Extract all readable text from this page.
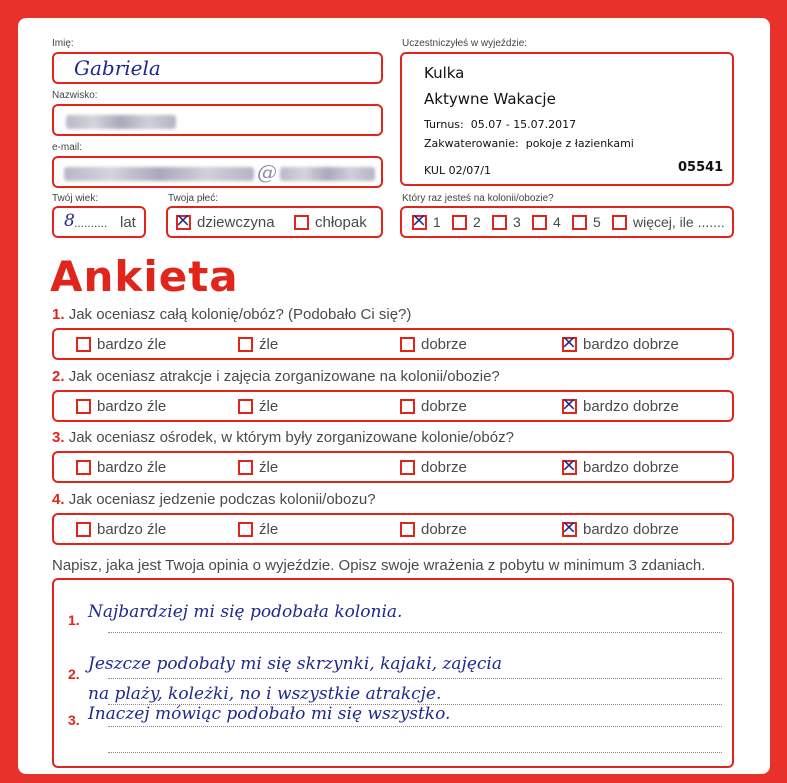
Imię:
Gabriela
Nazwisko:
e-mail:
@
Twój wiek:
8 .......... lat
Twoja płeć:
× dziewczyna	chłopak
Uczestniczyłeś w wyjeździe:
Kulka
Aktywne Wakacje
Turnus: 05.07 - 15.07.2017
Zakwaterowanie: pokoje z łazienkami
KUL 02/07/1	05541
Który raz jesteś na kolonii/obozie?
× 1 2 3 4 5 więcej, ile .......
Ankieta
1. Jak oceniasz całą kolonię/obóz? (Podobało Ci się?)
bardzo źle	źle	dobrze	× bardzo dobrze
2. Jak oceniasz atrakcje i zajęcia zorganizowane na kolonii/obozie?
bardzo źle	źle	dobrze	× bardzo dobrze
3. Jak oceniasz ośrodek, w którym były zorganizowane kolonie/obóz?
bardzo źle	źle	dobrze	× bardzo dobrze
4. Jak oceniasz jedzenie podczas kolonii/obozu?
bardzo źle	źle	dobrze	× bardzo dobrze
Napisz, jaka jest Twoja opinia o wyjeździe. Opisz swoje wrażenia z pobytu w minimum 3 zdaniach.
1. Najbardziej mi się podobała kolonia.
2. Jeszcze podobały mi się skrzynki, kajaki, zajęcia
na plaży, koleżki, no i wszystkie atrakcje.
3. Inaczej mówiąc podobało mi się wszystko.
